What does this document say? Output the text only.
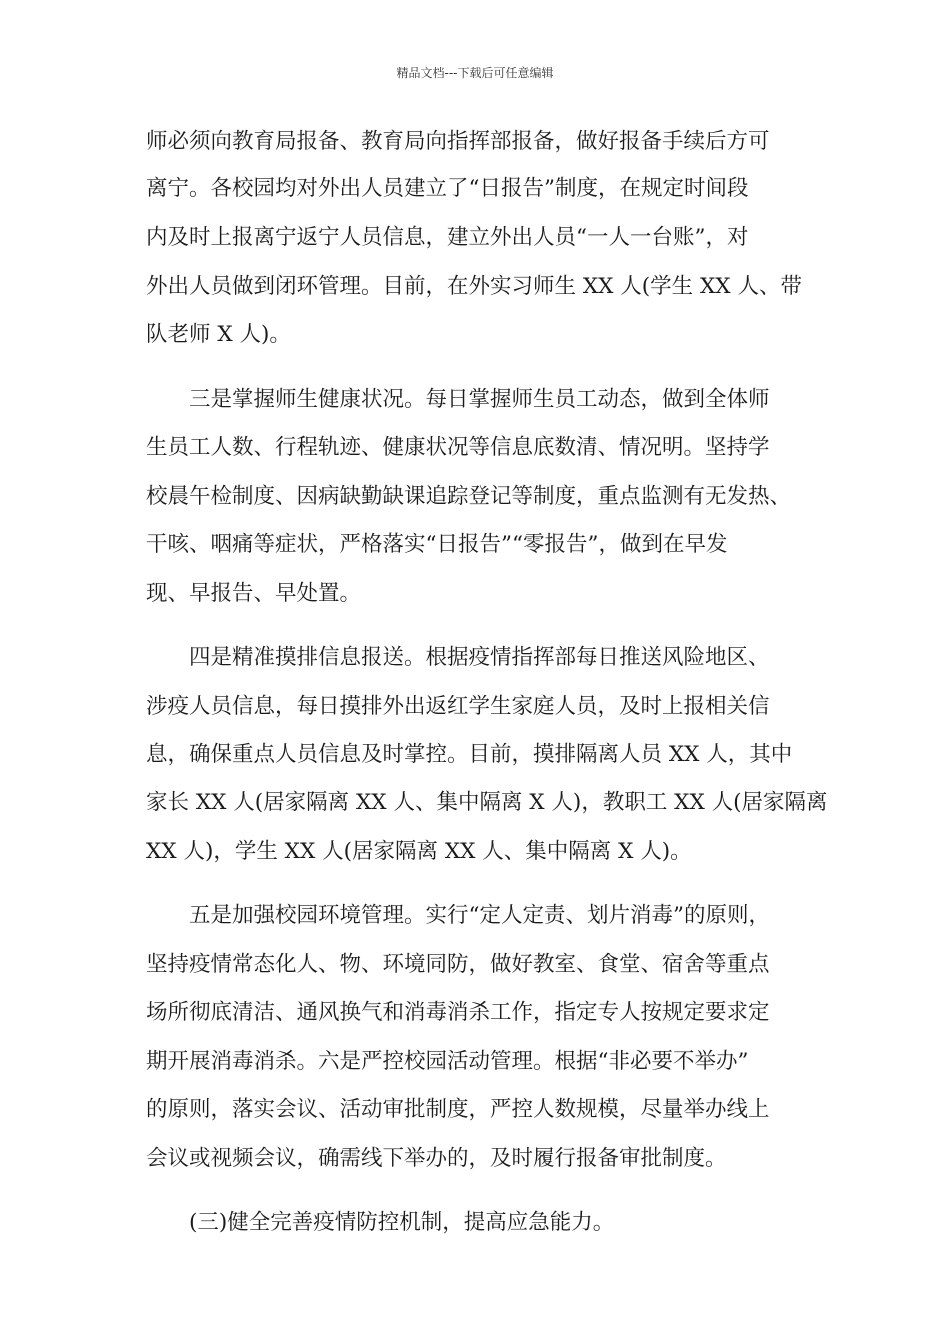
精品文档---下载后可任意编辑
师必须向教育局报备、教育局向指挥部报备，做好报备手续后方可
离宁。各校园均对外出人员建立了“日报告”制度，在规定时间段
内及时上报离宁返宁人员信息，建立外出人员“一人一台账”，对
外出人员做到闭环管理。目前，在外实习师生 XX 人(学生 XX 人、带
队老师 X 人)。
　　三是掌握师生健康状况。每日掌握师生员工动态，做到全体师
生员工人数、行程轨迹、健康状况等信息底数清、情况明。坚持学
校晨午检制度、因病缺勤缺课追踪登记等制度，重点监测有无发热、
干咳、咽痛等症状，严格落实“日报告”“零报告”，做到在早发
现、早报告、早处置。
　　四是精准摸排信息报送。根据疫情指挥部每日推送风险地区、
涉疫人员信息，每日摸排外出返红学生家庭人员，及时上报相关信
息，确保重点人员信息及时掌控。目前，摸排隔离人员 XX 人，其中
家长 XX 人(居家隔离 XX 人、集中隔离 X 人)，教职工 XX 人(居家隔离
XX 人)，学生 XX 人(居家隔离 XX 人、集中隔离 X 人)。
　　五是加强校园环境管理。实行“定人定责、划片消毒”的原则，
坚持疫情常态化人、物、环境同防，做好教室、食堂、宿舍等重点
场所彻底清洁、通风换气和消毒消杀工作，指定专人按规定要求定
期开展消毒消杀。六是严控校园活动管理。根据“非必要不举办”
的原则，落实会议、活动审批制度，严控人数规模，尽量举办线上
会议或视频会议，确需线下举办的，及时履行报备审批制度。
　　(三)健全完善疫情防控机制，提高应急能力。
